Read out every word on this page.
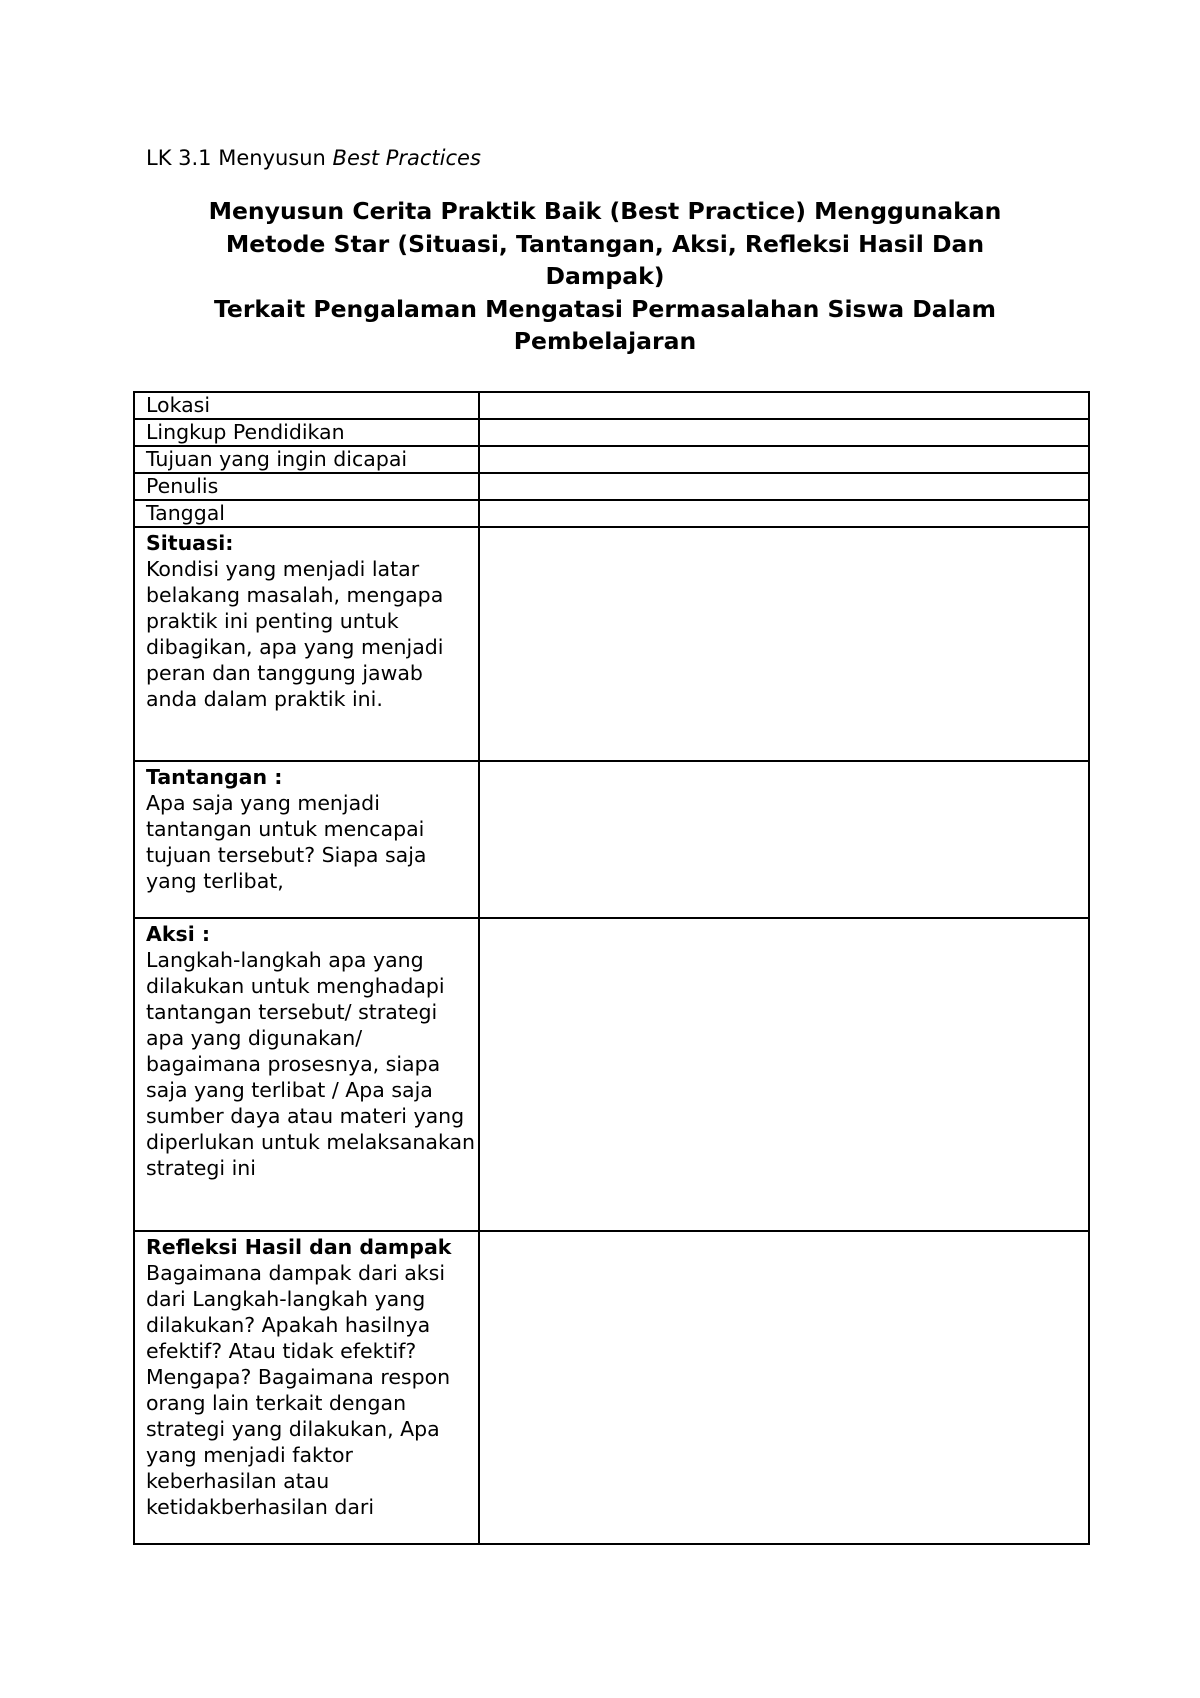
LK 3.1 Menyusun Best Practices
Menyusun Cerita Praktik Baik (Best Practice) Menggunakan
Metode Star (Situasi, Tantangan, Aksi, Refleksi Hasil Dan
Dampak)
Terkait Pengalaman Mengatasi Permasalahan Siswa Dalam
Pembelajaran
Lokasi	
Lingkup Pendidikan	
Tujuan yang ingin dicapai	
Penulis	
Tanggal	

Situasi:
Kondisi yang menjadi latar belakang masalah, mengapa praktik ini penting untuk dibagikan, apa yang menjadi peran dan tanggung jawab anda dalam praktik ini.	

Tantangan :
Apa saja yang menjadi tantangan untuk mencapai tujuan tersebut? Siapa saja yang terlibat,	

Aksi :
Langkah-langkah apa yang dilakukan untuk menghadapi tantangan tersebut/ strategi apa yang digunakan/ bagaimana prosesnya, siapa saja yang terlibat / Apa saja sumber daya atau materi yang diperlukan untuk melaksanakan strategi ini	

Refleksi Hasil dan dampak
Bagaimana dampak dari aksi dari Langkah-langkah yang dilakukan? Apakah hasilnya efektif? Atau tidak efektif? Mengapa? Bagaimana respon orang lain terkait dengan strategi yang dilakukan, Apa yang menjadi faktor keberhasilan atau ketidakberhasilan dari	
